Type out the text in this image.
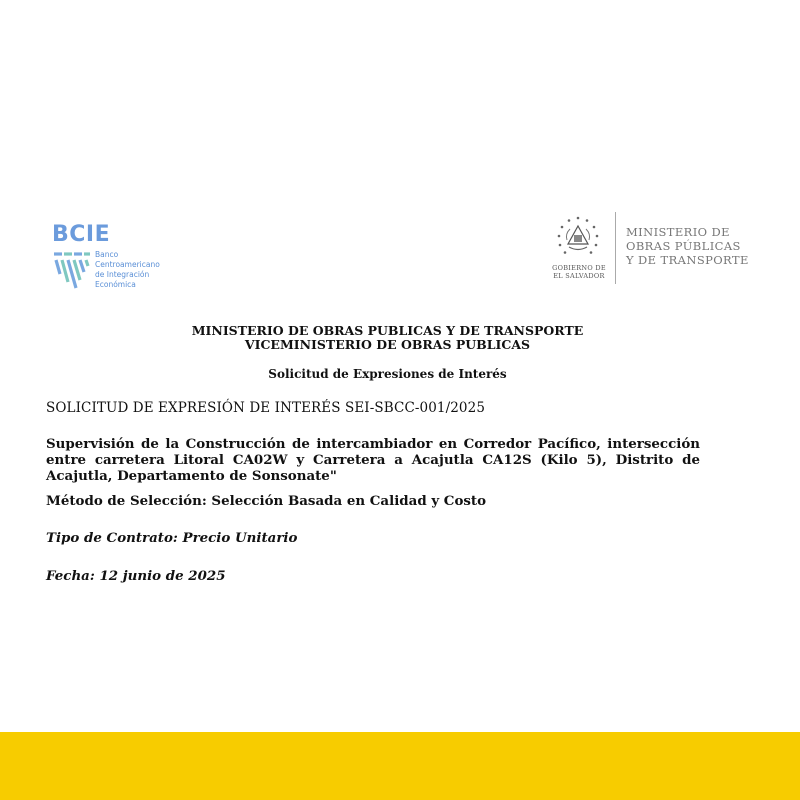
BCIE
Banco
Centroamericano
de Integración
Económica
GOBIERNO DE
EL SALVADOR
MINISTERIO DE
OBRAS PÚBLICAS
Y DE TRANSPORTE
MINISTERIO DE OBRAS PUBLICAS Y DE TRANSPORTE
VICEMINISTERIO DE OBRAS PUBLICAS
Solicitud de Expresiones de Interés
SOLICITUD DE EXPRESIÓN DE INTERÉS SEI-SBCC-001/2025
Supervisión de la Construcción de intercambiador en Corredor Pacífico, intersección entre carretera Litoral CA02W y Carretera a Acajutla CA12S (Kilo 5), Distrito de Acajutla, Departamento de Sonsonate"
Método de Selección: Selección Basada en Calidad y Costo
Tipo de Contrato: Precio Unitario
Fecha: 12 junio de 2025
